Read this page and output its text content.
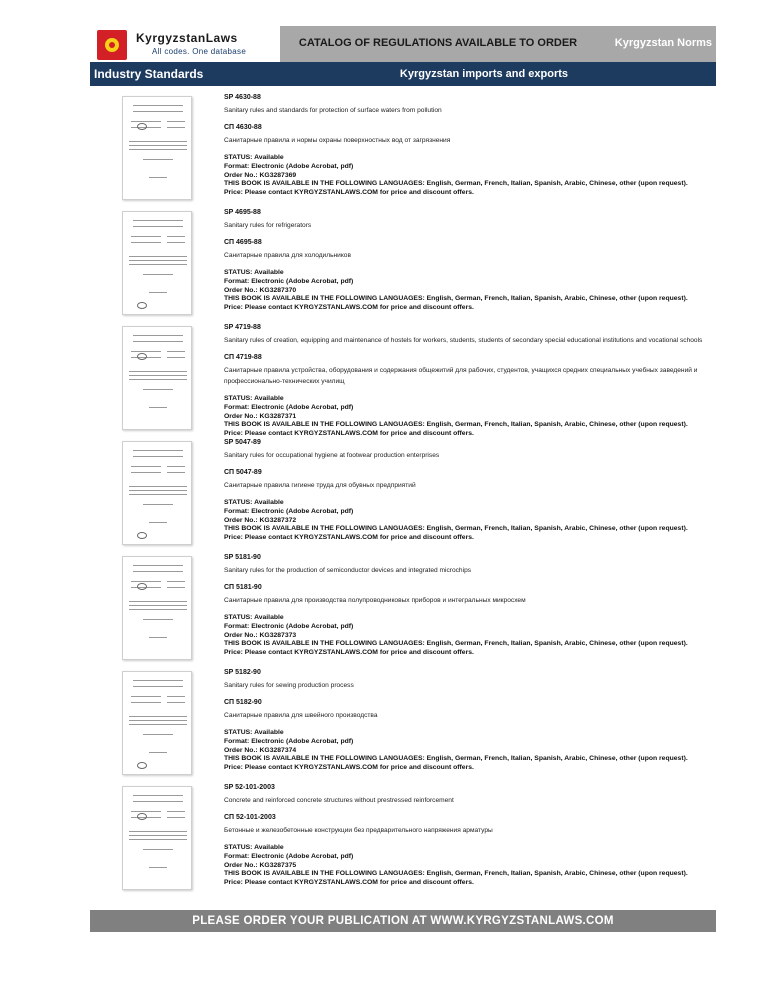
KyrgyzstanLaws
All codes. One database
CATALOG OF REGULATIONS AVAILABLE TO ORDER	Kyrgyzstan Norms
Industry Standards	Kyrgyzstan imports and exports
SP 4630-88
Sanitary rules and standards for protection of surface waters from pollution
СП 4630-88
Санитарные правила и нормы охраны поверхностных вод от загрязнения
STATUS: Available
Format: Electronic (Adobe Acrobat, pdf)
Order No.: KG3287369
THIS BOOK IS AVAILABLE IN THE FOLLOWING LANGUAGES: English, German, French, Italian, Spanish, Arabic, Chinese, other (upon request).
Price: Please contact KYRGYZSTANLAWS.COM for price and discount offers.
SP 4695-88
Sanitary rules for refrigerators
СП 4695-88
Санитарные правила для холодильников
STATUS: Available
Format: Electronic (Adobe Acrobat, pdf)
Order No.: KG3287370
THIS BOOK IS AVAILABLE IN THE FOLLOWING LANGUAGES: English, German, French, Italian, Spanish, Arabic, Chinese, other (upon request).
Price: Please contact KYRGYZSTANLAWS.COM for price and discount offers.
SP 4719-88
Sanitary rules of creation, equipping and maintenance of hostels for workers, students, students of secondary special educational institutions and vocational schools
СП 4719-88
Санитарные правила устройства, оборудования и содержания общежитий для рабочих, студентов, учащихся средних специальных учебных заведений и профессионально-технических училищ
STATUS: Available
Format: Electronic (Adobe Acrobat, pdf)
Order No.: KG3287371
THIS BOOK IS AVAILABLE IN THE FOLLOWING LANGUAGES: English, German, French, Italian, Spanish, Arabic, Chinese, other (upon request).
Price: Please contact KYRGYZSTANLAWS.COM for price and discount offers.
SP 5047-89
Sanitary rules for occupational hygiene at footwear production enterprises
СП 5047-89
Санитарные правила гигиене труда для обувных предприятий
STATUS: Available
Format: Electronic (Adobe Acrobat, pdf)
Order No.: KG3287372
THIS BOOK IS AVAILABLE IN THE FOLLOWING LANGUAGES: English, German, French, Italian, Spanish, Arabic, Chinese, other (upon request).
Price: Please contact KYRGYZSTANLAWS.COM for price and discount offers.
SP 5181-90
Sanitary rules for the production of semiconductor devices and integrated microchips
СП 5181-90
Санитарные правила для производства полупроводниковых приборов и интегральных микросхем
STATUS: Available
Format: Electronic (Adobe Acrobat, pdf)
Order No.: KG3287373
THIS BOOK IS AVAILABLE IN THE FOLLOWING LANGUAGES: English, German, French, Italian, Spanish, Arabic, Chinese, other (upon request).
Price: Please contact KYRGYZSTANLAWS.COM for price and discount offers.
SP 5182-90
Sanitary rules for sewing production process
СП 5182-90
Санитарные правила для швейного производства
STATUS: Available
Format: Electronic (Adobe Acrobat, pdf)
Order No.: KG3287374
THIS BOOK IS AVAILABLE IN THE FOLLOWING LANGUAGES: English, German, French, Italian, Spanish, Arabic, Chinese, other (upon request).
Price: Please contact KYRGYZSTANLAWS.COM for price and discount offers.
SP 52-101-2003
Concrete and reinforced concrete structures without prestressed reinforcement
СП 52-101-2003
Бетонные и железобетонные конструкции без предварительного напряжения арматуры
STATUS: Available
Format: Electronic (Adobe Acrobat, pdf)
Order No.: KG3287375
THIS BOOK IS AVAILABLE IN THE FOLLOWING LANGUAGES: English, German, French, Italian, Spanish, Arabic, Chinese, other (upon request).
Price: Please contact KYRGYZSTANLAWS.COM for price and discount offers.
PLEASE ORDER YOUR PUBLICATION AT WWW.KYRGYZSTANLAWS.COM
